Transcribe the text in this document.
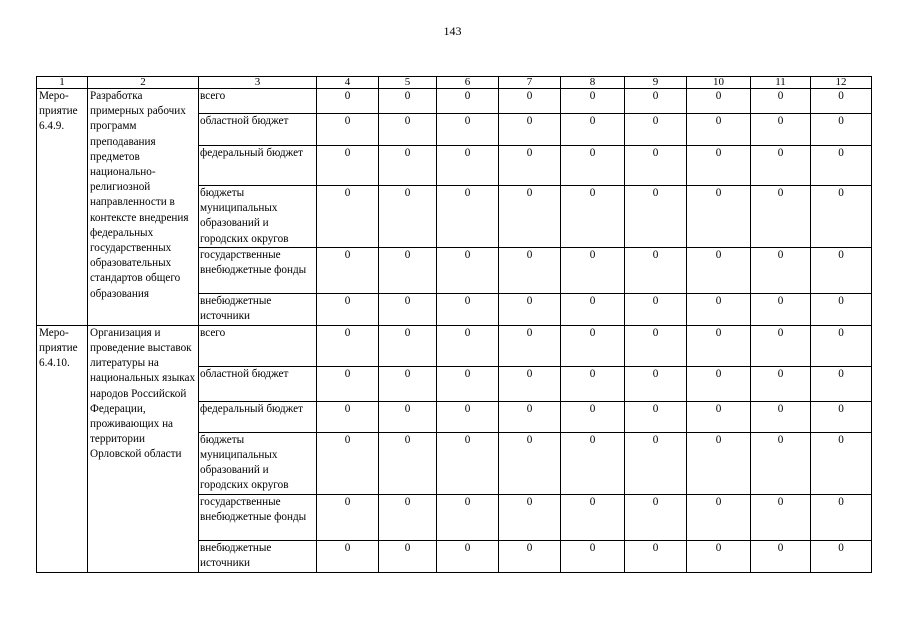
143
1	2	3	4	5	6	7	8	9	10	11	12
Меро-
приятие
6.4.9.	Разработка примерных рабочих программ преподавания предметов национально-религиозной направленности в контексте внедрения федеральных государственных образовательных стандартов общего образования	всего	0	0	0	0	0	0	0	0	0
		областной бюджет	0	0	0	0	0	0	0	0	0
		федеральный бюджет	0	0	0	0	0	0	0	0	0
		бюджеты муниципальных образований и городских округов	0	0	0	0	0	0	0	0	0
		государственные внебюджетные фонды	0	0	0	0	0	0	0	0	0
		внебюджетные источники	0	0	0	0	0	0	0	0	0
Меро-
приятие
6.4.10.	Организация и проведение выставок литературы на национальных языках народов Российской Федерации, проживающих на территории Орловской области	всего	0	0	0	0	0	0	0	0	0
		областной бюджет	0	0	0	0	0	0	0	0	0
		федеральный бюджет	0	0	0	0	0	0	0	0	0
		бюджеты муниципальных образований и городских округов	0	0	0	0	0	0	0	0	0
		государственные внебюджетные фонды	0	0	0	0	0	0	0	0	0
		внебюджетные источники	0	0	0	0	0	0	0	0	0
